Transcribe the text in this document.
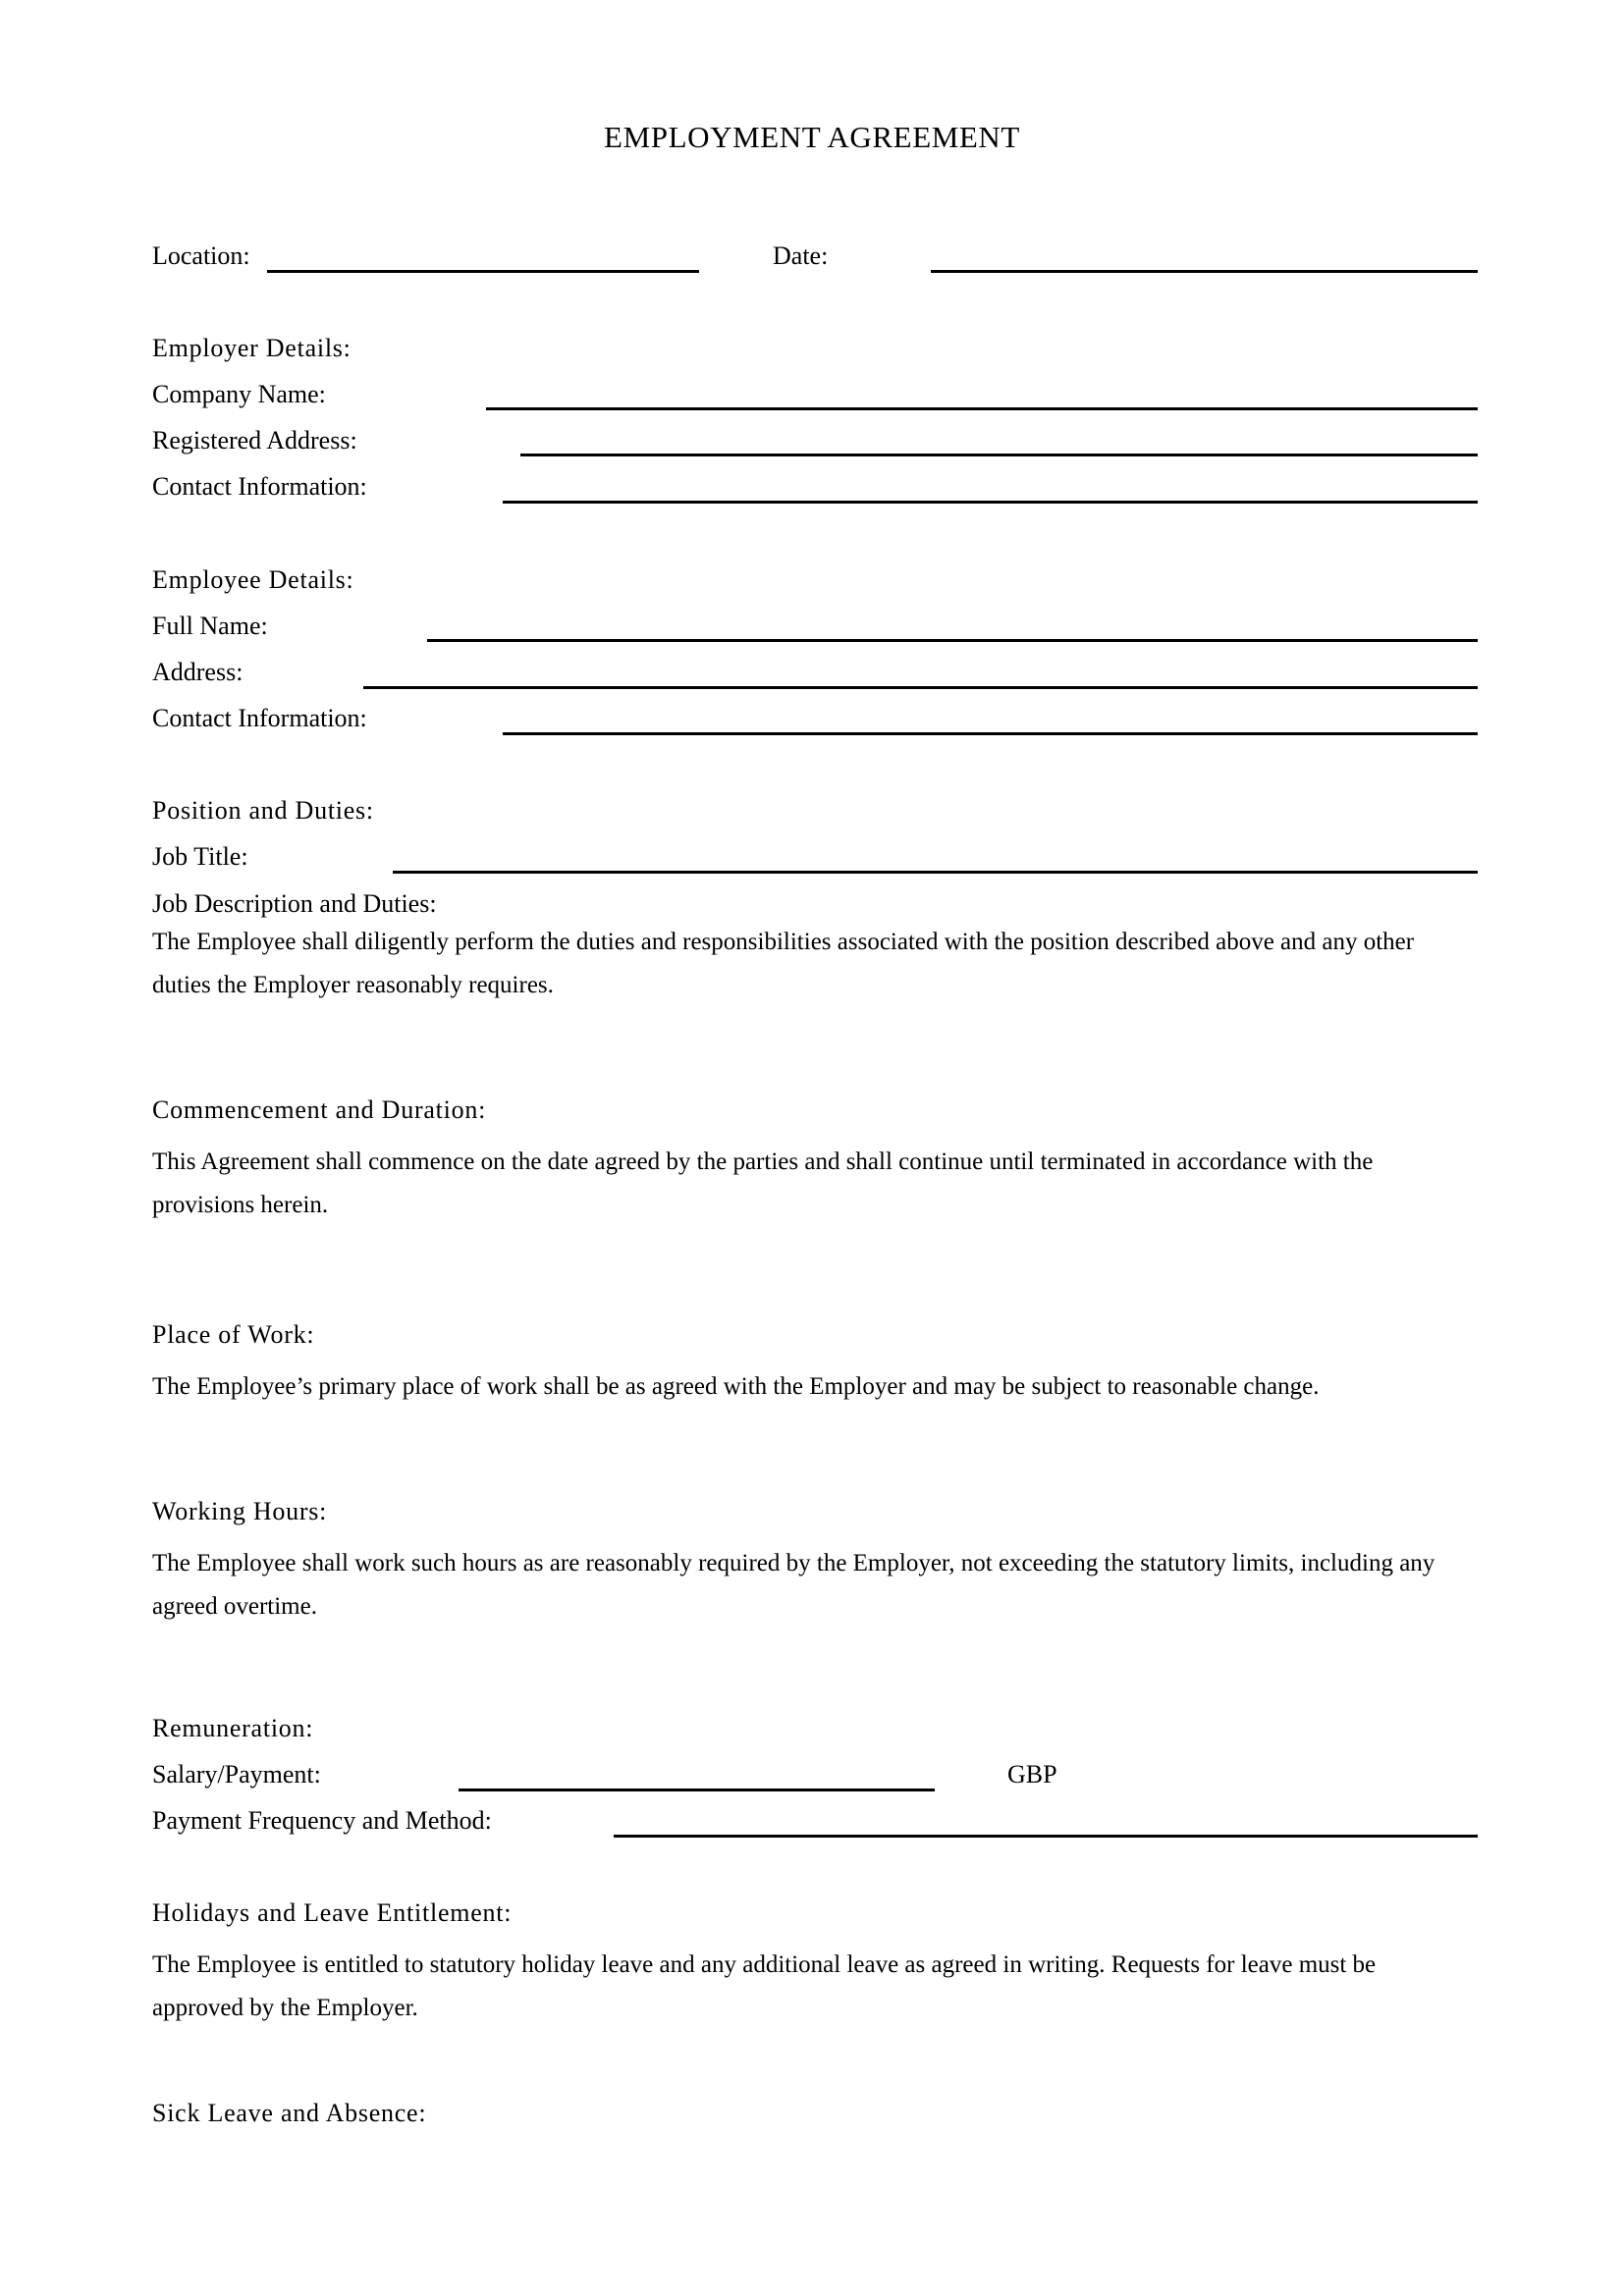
EMPLOYMENT AGREEMENT
Location:	Date:
Employer Details:
Company Name:
Registered Address:
Contact Information:
Employee Details:
Full Name:
Address:
Contact Information:
Position and Duties:
Job Title:
Job Description and Duties:
The Employee shall diligently perform the duties and responsibilities associated with the position described above and any other duties the Employer reasonably requires.
Commencement and Duration:
This Agreement shall commence on the date agreed by the parties and shall continue until terminated in accordance with the provisions herein.
Place of Work:
The Employee’s primary place of work shall be as agreed with the Employer and may be subject to reasonable change.
Working Hours:
The Employee shall work such hours as are reasonably required by the Employer, not exceeding the statutory limits, including any agreed overtime.
Remuneration:
Salary/Payment:	GBP
Payment Frequency and Method:
Holidays and Leave Entitlement:
The Employee is entitled to statutory holiday leave and any additional leave as agreed in writing. Requests for leave must be approved by the Employer.
Sick Leave and Absence:
